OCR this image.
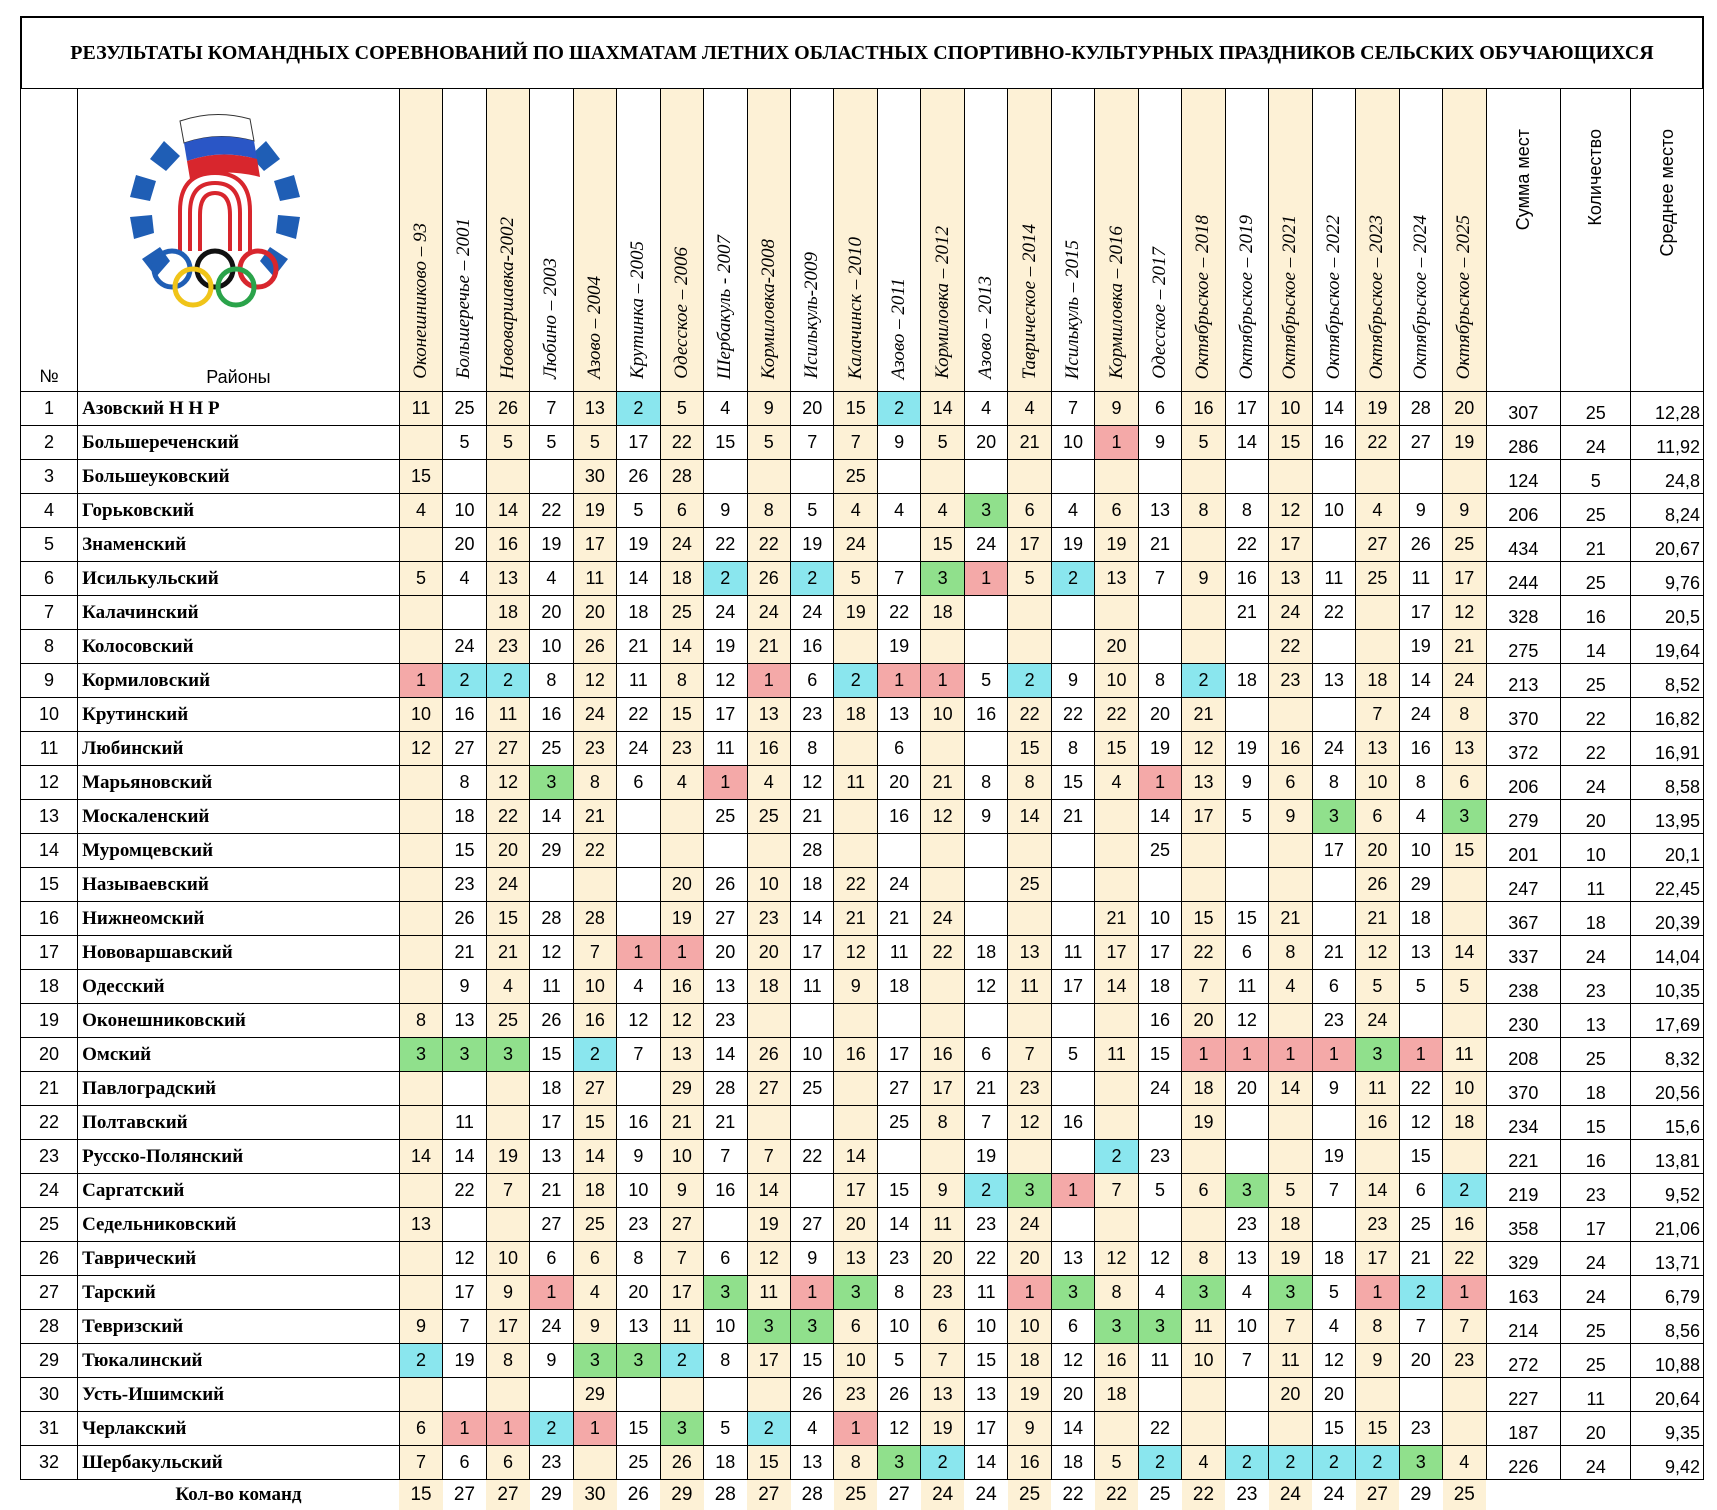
РЕЗУЛЬТАТЫ КОМАНДНЫХ СОРЕВНОВАНИЙ ПО ШАХМАТАМ ЛЕТНИХ ОБЛАСТНЫХ СПОРТИВНО-КУЛЬТУРНЫХ ПРАЗДНИКОВ СЕЛЬСКИХ ОБУЧАЮЩИХСЯ
№	Районы	Оконешниково – 93	Большеречье – 2001	Нововаршавка-2002	Любино – 2003	Азово – 2004	Крутинка – 2005	Одесское – 2006	Шербакуль - 2007	Кормиловка-2008	Исилькуль-2009	Калачинск – 2010	Азово – 2011	Кормиловка – 2012	Азово – 2013	Таврическое – 2014	Исилькуль – 2015	Кормиловка – 2016	Одесское – 2017	Октябрьское – 2018	Октябрьское – 2019	Октябрьское – 2021	Октябрьское – 2022	Октябрьское – 2023	Октябрьское – 2024	Октябрьское – 2025	Сумма мест	Количество	Среднее место
1	Азовский Н Н Р	11	25	26	7	13	2	5	4	9	20	15	2	14	4	4	7	9	6	16	17	10	14	19	28	20	307	25	12,28
2	Большереченский		5	5	5	5	17	22	15	5	7	7	9	5	20	21	10	1	9	5	14	15	16	22	27	19	286	24	11,92
3	Большеуковский	15				30	26	28				25															124	5	24,8
4	Горьковский	4	10	14	22	19	5	6	9	8	5	4	4	4	3	6	4	6	13	8	8	12	10	4	9	9	206	25	8,24
5	Знаменский		20	16	19	17	19	24	22	22	19	24		15	24	17	19	19	21		22	17		27	26	25	434	21	20,67
6	Исилькульский	5	4	13	4	11	14	18	2	26	2	5	7	3	1	5	2	13	7	9	16	13	11	25	11	17	244	25	9,76
7	Калачинский			18	20	20	18	25	24	24	24	19	22	18							21	24	22		17	12	328	16	20,5
8	Колосовский		24	23	10	26	21	14	19	21	16		19					20				22			19	21	275	14	19,64
9	Кормиловский	1	2	2	8	12	11	8	12	1	6	2	1	1	5	2	9	10	8	2	18	23	13	18	14	24	213	25	8,52
10	Крутинский	10	16	11	16	24	22	15	17	13	23	18	13	10	16	22	22	22	20	21				7	24	8	370	22	16,82
11	Любинский	12	27	27	25	23	24	23	11	16	8		6			15	8	15	19	12	19	16	24	13	16	13	372	22	16,91
12	Марьяновский		8	12	3	8	6	4	1	4	12	11	20	21	8	8	15	4	1	13	9	6	8	10	8	6	206	24	8,58
13	Москаленский		18	22	14	21			25	25	21		16	12	9	14	21		14	17	5	9	3	6	4	3	279	20	13,95
14	Муромцевский		15	20	29	22					28								25				17	20	10	15	201	10	20,1
15	Называевский		23	24				20	26	10	18	22	24			25								26	29		247	11	22,45
16	Нижнеомский		26	15	28	28		19	27	23	14	21	21	24				21	10	15	15	21		21	18		367	18	20,39
17	Нововаршавский		21	21	12	7	1	1	20	20	17	12	11	22	18	13	11	17	17	22	6	8	21	12	13	14	337	24	14,04
18	Одесский		9	4	11	10	4	16	13	18	11	9	18		12	11	17	14	18	7	11	4	6	5	5	5	238	23	10,35
19	Оконешниковский	8	13	25	26	16	12	12	23										16	20	12		23	24			230	13	17,69
20	Омский	3	3	3	15	2	7	13	14	26	10	16	17	16	6	7	5	11	15	1	1	1	1	3	1	11	208	25	8,32
21	Павлоградский				18	27		29	28	27	25		27	17	21	23			24	18	20	14	9	11	22	10	370	18	20,56
22	Полтавский		11		17	15	16	21	21				25	8	7	12	16			19				16	12	18	234	15	15,6
23	Русско-Полянский	14	14	19	13	14	9	10	7	7	22	14			19			2	23				19		15		221	16	13,81
24	Саргатский		22	7	21	18	10	9	16	14		17	15	9	2	3	1	7	5	6	3	5	7	14	6	2	219	23	9,52
25	Седельниковский	13			27	25	23	27		19	27	20	14	11	23	24					23	18		23	25	16	358	17	21,06
26	Таврический		12	10	6	6	8	7	6	12	9	13	23	20	22	20	13	12	12	8	13	19	18	17	21	22	329	24	13,71
27	Тарский		17	9	1	4	20	17	3	11	1	3	8	23	11	1	3	8	4	3	4	3	5	1	2	1	163	24	6,79
28	Тевризский	9	7	17	24	9	13	11	10	3	3	6	10	6	10	10	6	3	3	11	10	7	4	8	7	7	214	25	8,56
29	Тюкалинский	2	19	8	9	3	3	2	8	17	15	10	5	7	15	18	12	16	11	10	7	11	12	9	20	23	272	25	10,88
30	Усть-Ишимский					29					26	23	26	13	13	19	20	18				20	20				227	11	20,64
31	Черлакский	6	1	1	2	1	15	3	5	2	4	1	12	19	17	9	14		22				15	15	23		187	20	9,35
32	Шербакульский	7	6	6	23		25	26	18	15	13	8	3	2	14	16	18	5	2	4	2	2	2	2	3	4	226	24	9,42
	Кол-во команд	15	27	27	29	30	26	29	28	27	28	25	27	24	24	25	22	22	25	22	23	24	24	27	29	25			
